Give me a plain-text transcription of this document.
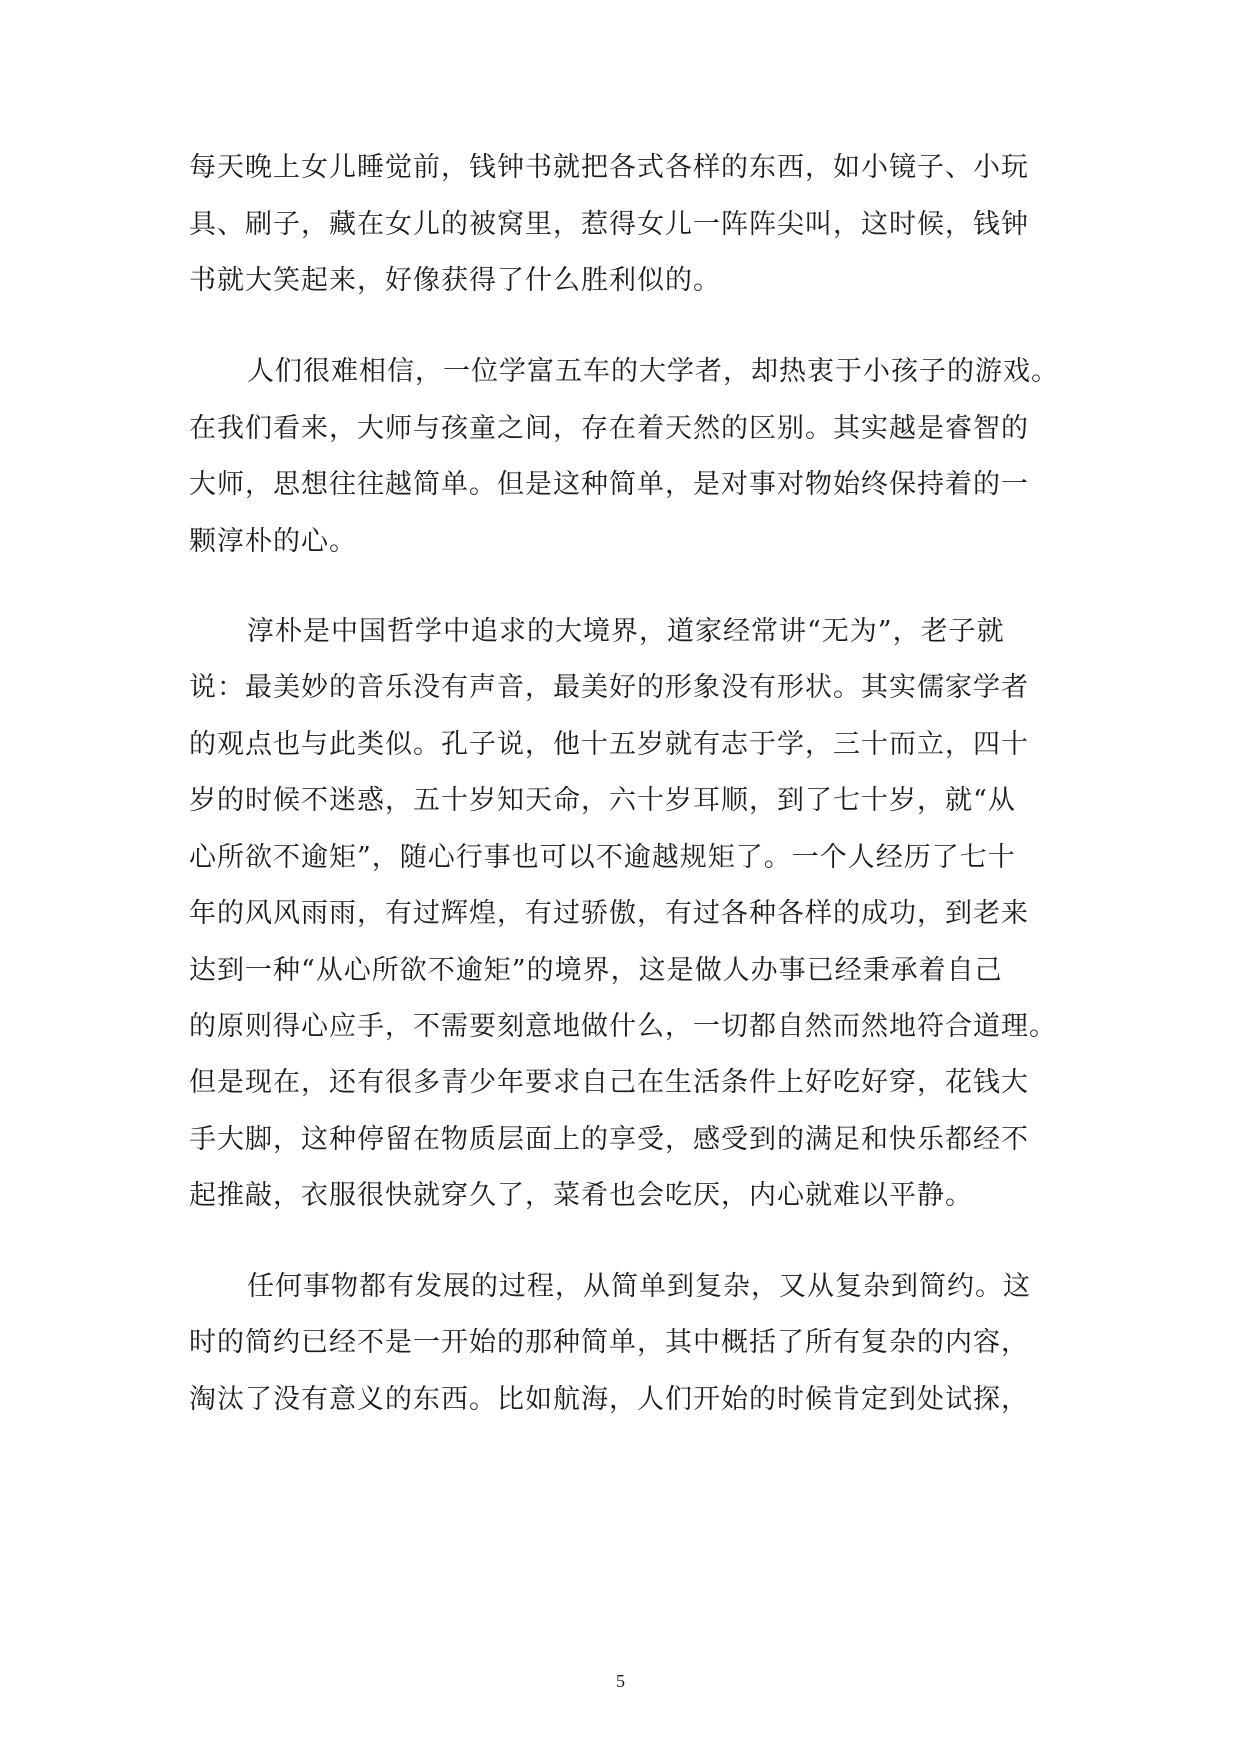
每天晚上女儿睡觉前，钱钟书就把各式各样的东西，如小镜子、小玩
具、刷子，藏在女儿的被窝里，惹得女儿一阵阵尖叫，这时候，钱钟
书就大笑起来，好像获得了什么胜利似的。
人们很难相信，一位学富五车的大学者，却热衷于小孩子的游戏。
在我们看来，大师与孩童之间，存在着天然的区别。其实越是睿智的
大师，思想往往越简单。但是这种简单，是对事对物始终保持着的一
颗淳朴的心。
淳朴是中国哲学中追求的大境界，道家经常讲“无为”，老子就
说：最美妙的音乐没有声音，最美好的形象没有形状。其实儒家学者
的观点也与此类似。孔子说，他十五岁就有志于学，三十而立，四十
岁的时候不迷惑，五十岁知天命，六十岁耳顺，到了七十岁，就“从
心所欲不逾矩”，随心行事也可以不逾越规矩了。一个人经历了七十
年的风风雨雨，有过辉煌，有过骄傲，有过各种各样的成功，到老来
达到一种“从心所欲不逾矩”的境界，这是做人办事已经秉承着自己
的原则得心应手，不需要刻意地做什么，一切都自然而然地符合道理。
但是现在，还有很多青少年要求自己在生活条件上好吃好穿，花钱大
手大脚，这种停留在物质层面上的享受，感受到的满足和快乐都经不
起推敲，衣服很快就穿久了，菜肴也会吃厌，内心就难以平静。
任何事物都有发展的过程，从简单到复杂，又从复杂到简约。这
时的简约已经不是一开始的那种简单，其中概括了所有复杂的内容，
淘汰了没有意义的东西。比如航海，人们开始的时候肯定到处试探，
5
